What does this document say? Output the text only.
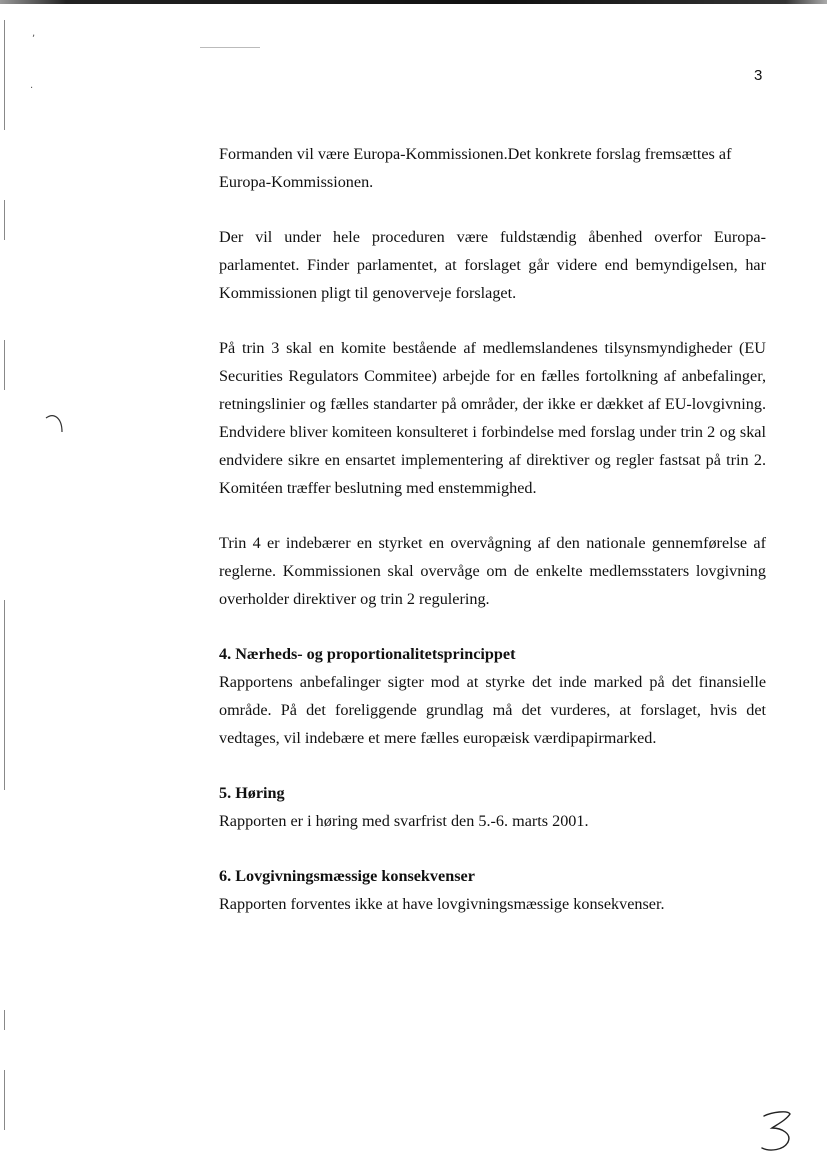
,
.
3

Formanden vil være Europa-Kommissionen.Det konkrete forslag fremsættes af Europa-Kommissionen.

Der vil under hele proceduren være fuldstændig åbenhed overfor Europa-parlamentet. Finder parlamentet, at forslaget går videre end bemyndigelsen, har Kommissionen pligt til genoverveje forslaget.

På trin 3 skal en komite bestående af medlemslandenes tilsynsmyndigheder (EU Securities Regulators Commitee) arbejde for en fælles fortolkning af anbefalinger, retningslinier og fælles standarter på områder, der ikke er dækket af EU-lovgivning. Endvidere bliver komiteen konsulteret i forbindelse med forslag under trin 2 og skal endvidere sikre en ensartet implementering af direktiver og regler fastsat på trin 2. Komitéen træffer beslutning med enstemmighed.

Trin 4 er indebærer en styrket en overvågning af den nationale gennemførelse af reglerne. Kommissionen skal overvåge om de enkelte medlemsstaters lovgivning overholder direktiver og trin 2 regulering.

4. Nærheds- og proportionalitetsprincippet

Rapportens anbefalinger sigter mod at styrke det inde marked på det finansielle område. På det foreliggende grundlag må det vurderes, at forslaget, hvis det vedtages, vil indebære et mere fælles europæisk værdipapirmarked.

5. Høring

Rapporten er i høring med svarfrist den 5.-6. marts 2001.

6. Lovgivningsmæssige konsekvenser

Rapporten forventes ikke at have lovgivningsmæssige konsekvenser.
